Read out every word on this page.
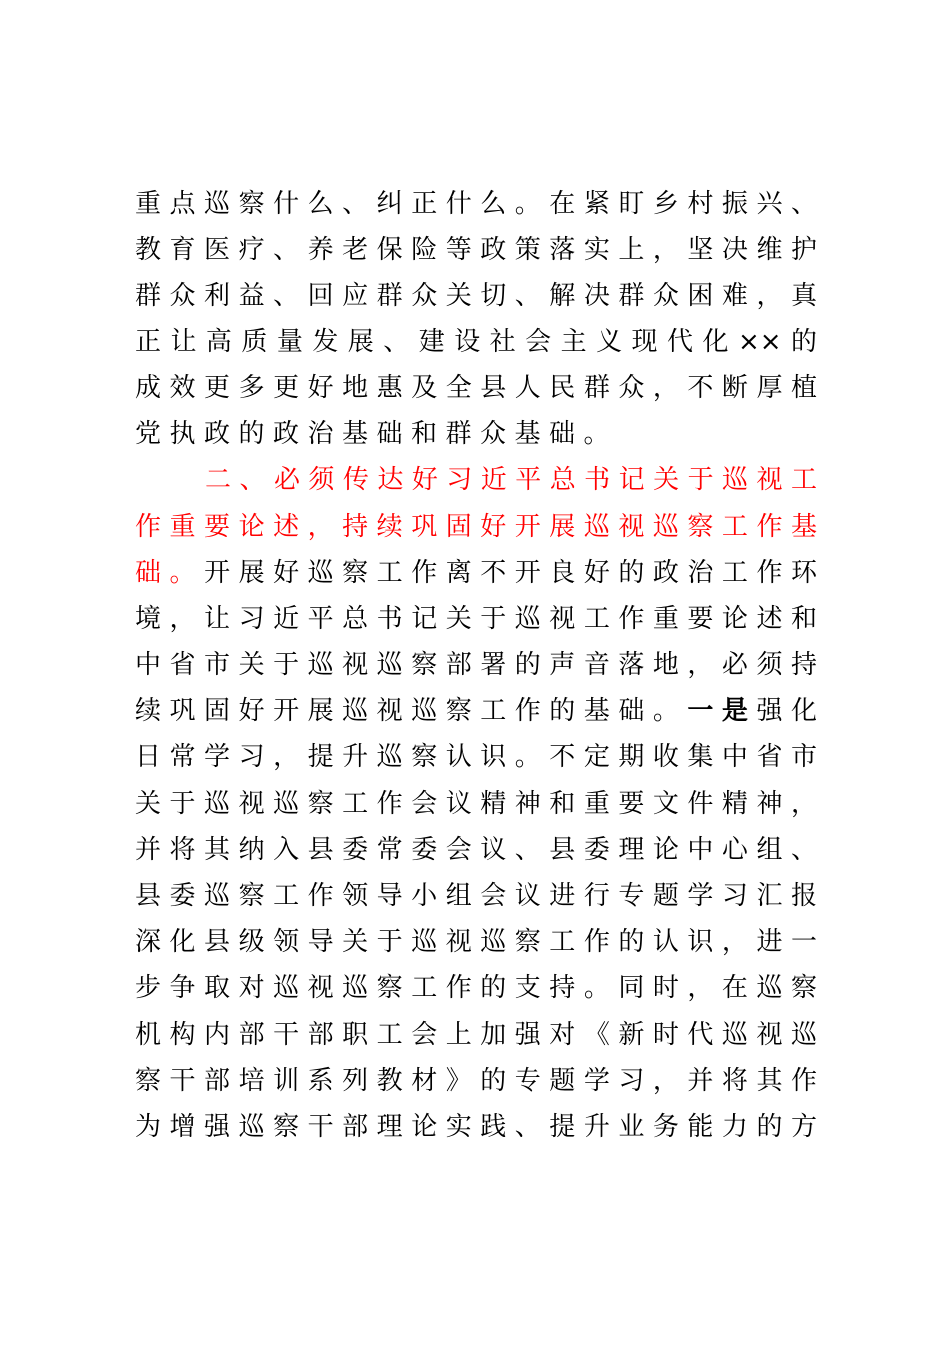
重点巡察什么、纠正什么。在紧盯乡村振兴、
教育医疗、养老保险等政策落实上，坚决维护
群众利益、回应群众关切、解决群众困难，真
正让高质量发展、建设社会主义现代化××的
成效更多更好地惠及全县人民群众，不断厚植
党执政的政治基础和群众基础。
二、必须传达好习近平总书记关于巡视工
作重要论述，持续巩固好开展巡视巡察工作基
础。开展好巡察工作离不开良好的政治工作环
境，让习近平总书记关于巡视工作重要论述和
中省市关于巡视巡察部署的声音落地，必须持
续巩固好开展巡视巡察工作的基础。一是强化
日常学习，提升巡察认识。不定期收集中省市
关于巡视巡察工作会议精神和重要文件精神，
并将其纳入县委常委会议、县委理论中心组、
县委巡察工作领导小组会议进行专题学习汇报
深化县级领导关于巡视巡察工作的认识，进一
步争取对巡视巡察工作的支持。同时，在巡察
机构内部干部职工会上加强对《新时代巡视巡
察干部培训系列教材》的专题学习，并将其作
为增强巡察干部理论实践、提升业务能力的方
